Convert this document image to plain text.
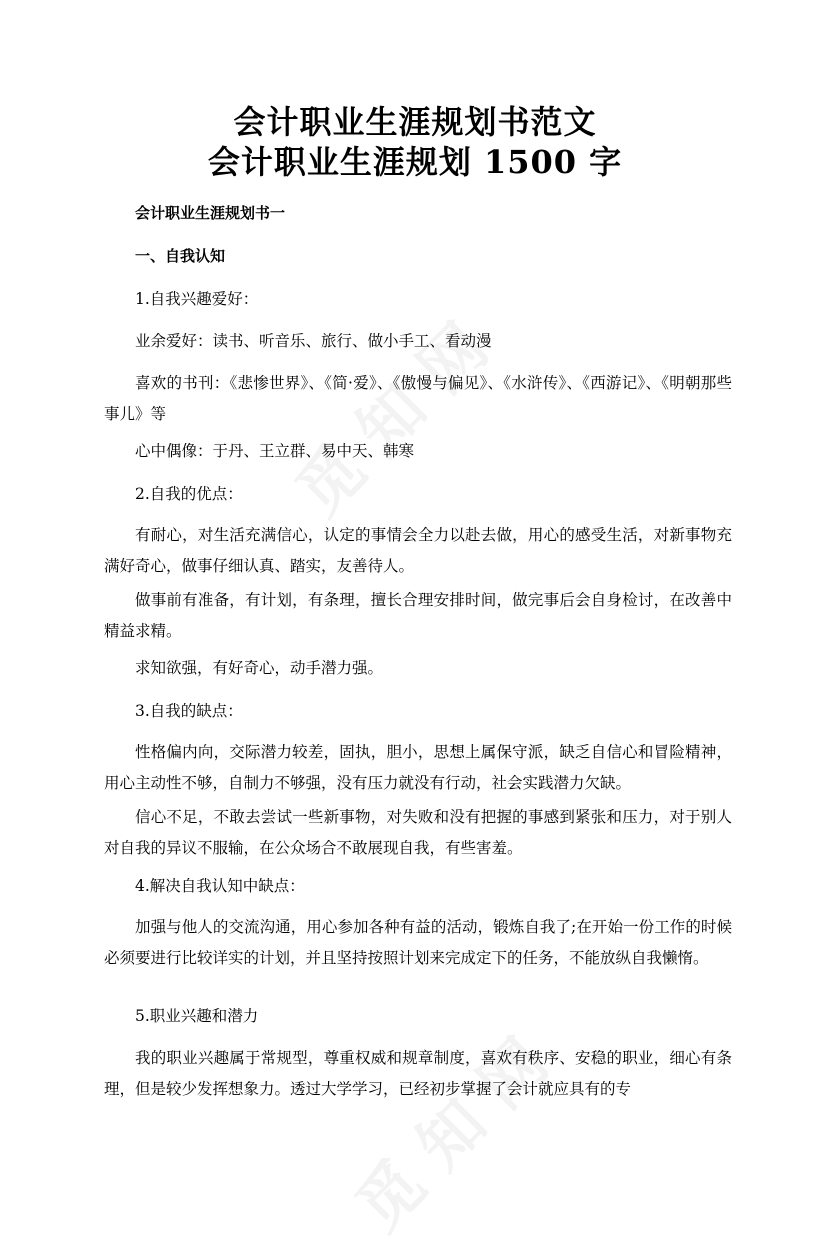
会计职业生涯规划书范文
会计职业生涯规划 1500 字
会计职业生涯规划书一
一、自我认知
1.自我兴趣爱好：
业余爱好：读书、听音乐、旅行、做小手工、看动漫
喜欢的书刊：《悲惨世界》、《简·爱》、《傲慢与偏见》、《水浒传》、《西游记》、《明朝那些事儿》等
心中偶像：于丹、王立群、易中天、韩寒
2.自我的优点：
有耐心，对生活充满信心，认定的事情会全力以赴去做，用心的感受生活，对新事物充满好奇心，做事仔细认真、踏实，友善待人。
做事前有准备，有计划，有条理，擅长合理安排时间，做完事后会自身检讨，在改善中精益求精。
求知欲强，有好奇心，动手潜力强。
3.自我的缺点：
性格偏内向，交际潜力较差，固执，胆小，思想上属保守派，缺乏自信心和冒险精神，用心主动性不够，自制力不够强，没有压力就没有行动，社会实践潜力欠缺。
信心不足，不敢去尝试一些新事物，对失败和没有把握的事感到紧张和压力，对于别人对自我的异议不服输，在公众场合不敢展现自我，有些害羞。
4.解决自我认知中缺点：
加强与他人的交流沟通，用心参加各种有益的活动，锻炼自我了;在开始一份工作的时候必须要进行比较详实的计划，并且坚持按照计划来完成定下的任务，不能放纵自我懒惰。
5.职业兴趣和潜力
我的职业兴趣属于常规型，尊重权威和规章制度，喜欢有秩序、安稳的职业，细心有条理，但是较少发挥想象力。透过大学学习，已经初步掌握了会计就应具有的专
